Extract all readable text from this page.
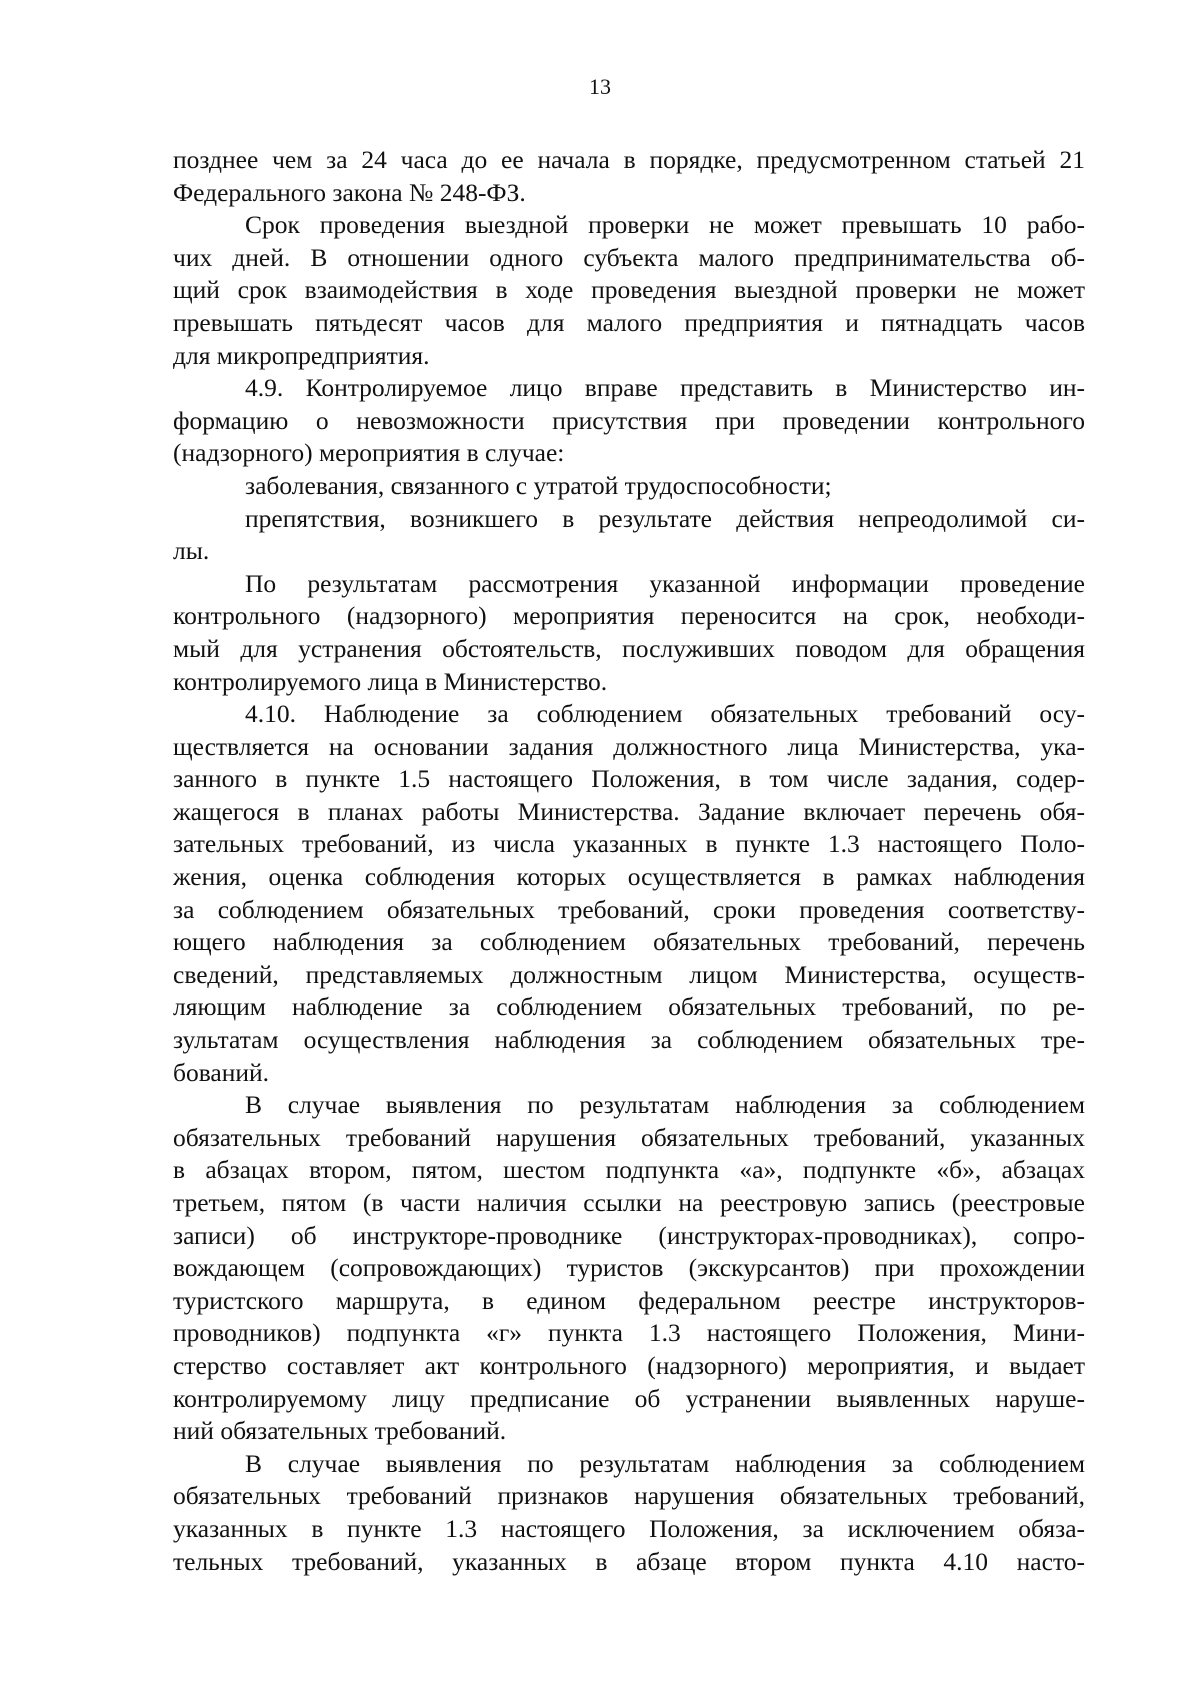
13
позднее чем за 24 часа до ее начала в порядке, предусмотренном статьей 21
Федерального закона № 248-ФЗ.
Срок проведения выездной проверки не может превышать 10 рабо-
чих дней. В отношении одного субъекта малого предпринимательства об-
щий срок взаимодействия в ходе проведения выездной проверки не может
превышать пятьдесят часов для малого предприятия и пятнадцать часов
для микропредприятия.
4.9. Контролируемое лицо вправе представить в Министерство ин-
формацию о невозможности присутствия при проведении контрольного
(надзорного) мероприятия в случае:
заболевания, связанного с утратой трудоспособности;
препятствия, возникшего в результате действия непреодолимой си-
лы.
По результатам рассмотрения указанной информации проведение
контрольного (надзорного) мероприятия переносится на срок, необходи-
мый для устранения обстоятельств, послуживших поводом для обращения
контролируемого лица в Министерство.
4.10. Наблюдение за соблюдением обязательных требований осу-
ществляется на основании задания должностного лица Министерства, ука-
занного в пункте 1.5 настоящего Положения, в том числе задания, содер-
жащегося в планах работы Министерства. Задание включает перечень обя-
зательных требований, из числа указанных в пункте 1.3 настоящего Поло-
жения, оценка соблюдения которых осуществляется в рамках наблюдения
за соблюдением обязательных требований, сроки проведения соответству-
ющего наблюдения за соблюдением обязательных требований, перечень
сведений, представляемых должностным лицом Министерства, осуществ-
ляющим наблюдение за соблюдением обязательных требований, по ре-
зультатам осуществления наблюдения за соблюдением обязательных тре-
бований.
В случае выявления по результатам наблюдения за соблюдением
обязательных требований нарушения обязательных требований, указанных
в абзацах втором, пятом, шестом подпункта «а», подпункте «б», абзацах
третьем, пятом (в части наличия ссылки на реестровую запись (реестровые
записи) об инструкторе-проводнике (инструкторах-проводниках), сопро-
вождающем (сопровождающих) туристов (экскурсантов) при прохождении
туристского маршрута, в едином федеральном реестре инструкторов-
проводников) подпункта «г» пункта 1.3 настоящего Положения, Мини-
стерство составляет акт контрольного (надзорного) мероприятия, и выдает
контролируемому лицу предписание об устранении выявленных наруше-
ний обязательных требований.
В случае выявления по результатам наблюдения за соблюдением
обязательных требований признаков нарушения обязательных требований,
указанных в пункте 1.3 настоящего Положения, за исключением обяза-
тельных требований, указанных в абзаце втором пункта 4.10 насто-
